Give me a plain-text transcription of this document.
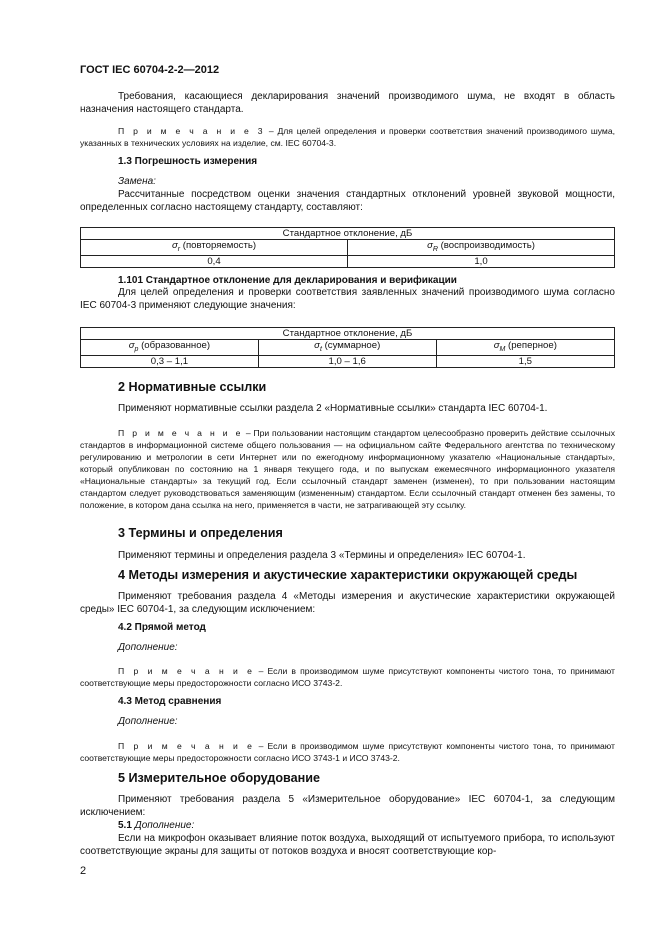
ГОСТ IEC 60704-2-2—2012

Требования, касающиеся декларирования значений производимого шума, не входят в область назначения настоящего стандарта.

П р и м е ч а н и е 3 – Для целей определения и проверки соответствия значений производимого шума, указанных в технических условиях на изделие, см. IEC 60704-3.

1.3 Погрешность измерения

Замена:

Рассчитанные посредством оценки значения стандартных отклонений уровней звуковой мощности, определенных согласно настоящему стандарту, составляют:

Стандартное отклонение, дБ	
$\sigma_r$ (повторяемость)	$\sigma_R$ (воспроизводимость)
0,4	1,0

1.101 Стандартное отклонение для декларирования и верификации

Для целей определения и проверки соответствия заявленных значений производимого шума согласно IEC 60704-3 применяют следующие значения:

Стандартное отклонение, дБ		
$\sigma_p$ (образованное)	$\sigma_t$ (суммарное)	$\sigma_M$ (реперное)
0,3 – 1,1	1,0 – 1,6	1,5

2 Нормативные ссылки

Применяют нормативные ссылки раздела 2 «Нормативные ссылки» стандарта IEC 60704-1.

П р и м е ч а н и е – При пользовании настоящим стандартом целесообразно проверить действие ссылочных стандартов в информационной системе общего пользования — на официальном сайте Федерального агентства по техническому регулированию и метрологии в сети Интернет или по ежегодному информационному указателю «Национальные стандарты», который опубликован по состоянию на 1 января текущего года, и по выпускам ежемесячного информационного указателя «Национальные стандарты» за текущий год. Если ссылочный стандарт заменен (изменен), то при пользовании настоящим стандартом следует руководствоваться заменяющим (измененным) стандартом. Если ссылочный стандарт отменен без замены, то положение, в котором дана ссылка на него, применяется в части, не затрагивающей эту ссылку.

3 Термины и определения

Применяют термины и определения раздела 3 «Термины и определения» IEC 60704-1.

4 Методы измерения и акустические характеристики окружающей среды

Применяют требования раздела 4 «Методы измерения и акустические характеристики окружающей среды» IEC 60704-1, за следующим исключением:

4.2 Прямой метод

Дополнение:

П р и м е ч а н и е – Если в производимом шуме присутствуют компоненты чистого тона, то принимают соответствующие меры предосторожности согласно ИСО 3743-2.

4.3 Метод сравнения

Дополнение:

П р и м е ч а н и е – Если в производимом шуме присутствуют компоненты чистого тона, то принимают соответствующие меры предосторожности согласно ИСО 3743-1 и ИСО 3743-2.

5 Измерительное оборудование

Применяют требования раздела 5 «Измерительное оборудование» IEC 60704-1, за следующим исключением:

5.1 Дополнение:

Если на микрофон оказывает влияние поток воздуха, выходящий от испытуемого прибора, то используют соответствующие экраны для защиты от потоков воздуха и вносят соответствующие кор-

2
